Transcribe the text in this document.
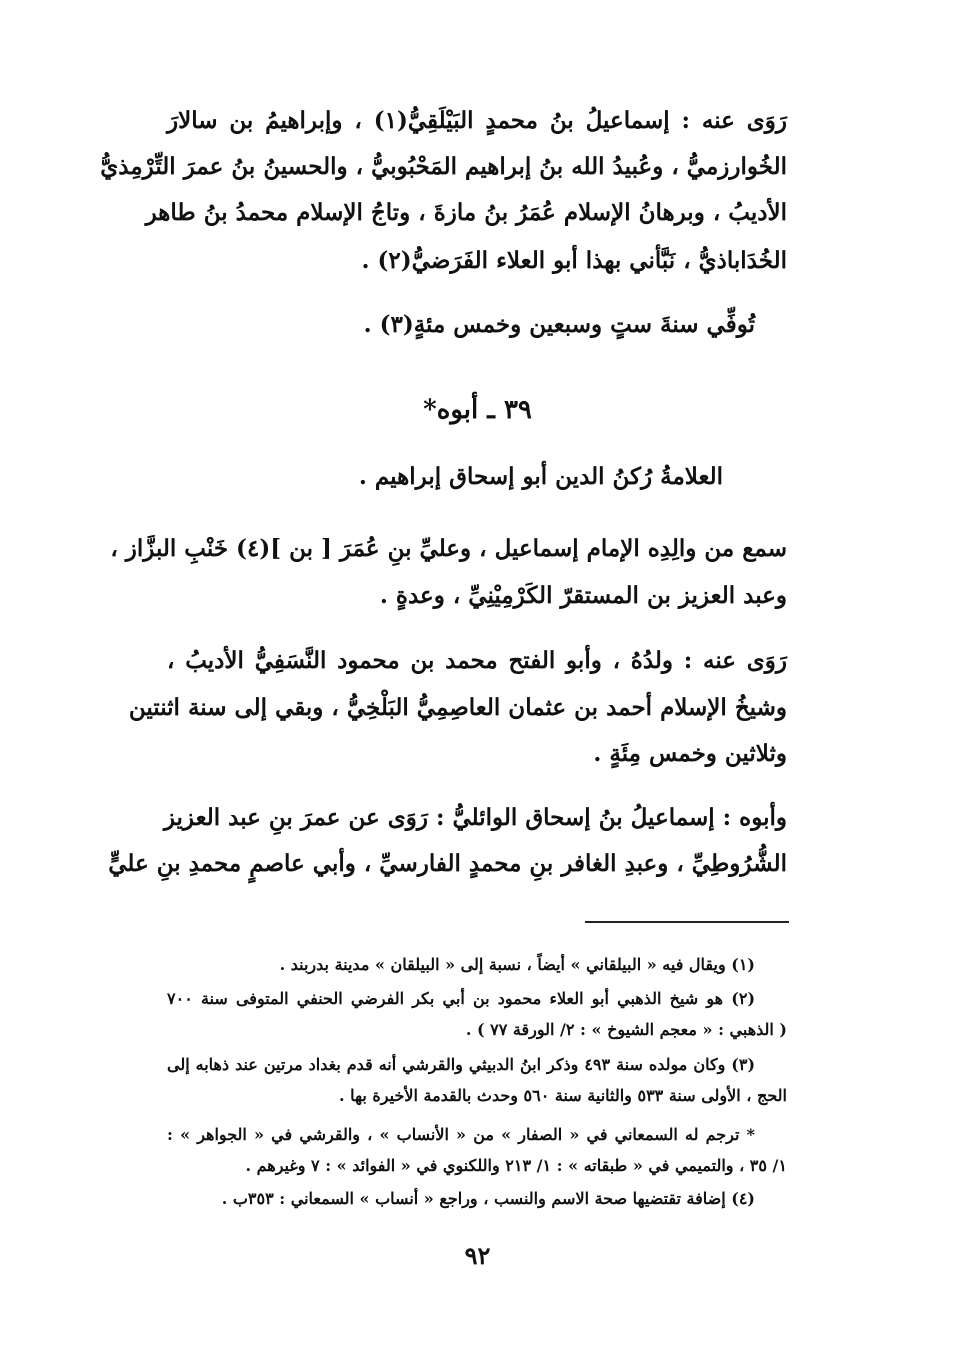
رَوَى عنه : إسماعيلُ بنُ محمدٍ البَيْلَقِيُّ(١) ، وإبراهيمُ بن سالارَ
الخُوارزميُّ ، وعُبيدُ الله بنُ إبراهيم المَحْبُوبيُّ ، والحسينُ بنُ عمرَ التِّرْمِذيُّ
الأديبُ ، وبرهانُ الإسلام عُمَرُ بنُ مازةَ ، وتاجُ الإسلام محمدُ بنُ طاهر
الخُدَاباذيُّ ، نَبَّأني بهذا أبو العلاء الفَرَضيُّ(٢) .
تُوفِّي سنةَ ستٍ وسبعين وخمس مئةٍ(٣) .
٣٩ ـ أبوه*
العلامةُ رُكنُ الدين أبو إسحاق إبراهيم .
سمع من والِدِه الإمام إسماعيل ، وعليِّ بنِ عُمَرَ [ بن ](٤) خَنْبِ البزَّاز ،
وعبد العزيز بن المستقرّ الكَرْمِيْنِيِّ ، وعدةٍ .
رَوَى عنه : ولدُهُ ، وأبو الفتح محمد بن محمود النَّسَفِيُّ الأديبُ ،
وشيخُ الإسلام أحمد بن عثمان العاصِمِيُّ البَلْخِيُّ ، وبقي إلى سنة اثنتين
وثلاثين وخمس مِئَةٍ .
وأبوه : إسماعيلُ بنُ إسحاق الوائليُّ : رَوَى عن عمرَ بنِ عبد العزيز
الشُّرُوطِيِّ ، وعبدِ الغافر بنِ محمدٍ الفارسيِّ ، وأبي عاصمٍ محمدِ بنِ عليٍّ
(١) ويقال فيه « البيلقاني » أيضاً ، نسبة إلى « البيلقان » مدينة بدربند .
(٢) هو شيخ الذهبي أبو العلاء محمود بن أبي بكر الفرضي الحنفي المتوفى سنة ٧٠٠
( الذهبي : « معجم الشيوخ » : ٢/ الورقة ٧٧ ) .
(٣) وكان مولده سنة ٤٩٣ وذكر ابنُ الدبيثي والقرشي أنه قدم بغداد مرتين عند ذهابه إلى
الحج ، الأولى سنة ٥٣٣ والثانية سنة ٥٦٠ وحدث بالقدمة الأخيرة بها .
* ترجم له السمعاني في « الصفار » من « الأنساب » ، والقرشي في « الجواهر » :
١/ ٣٥ ، والتميمي في « طبقاته » : ١/ ٢١٣ واللكنوي في « الفوائد » : ٧ وغيرهم .
(٤) إضافة تقتضيها صحة الاسم والنسب ، وراجع « أنساب » السمعاني : ٣٥٣ب .
٩٢
